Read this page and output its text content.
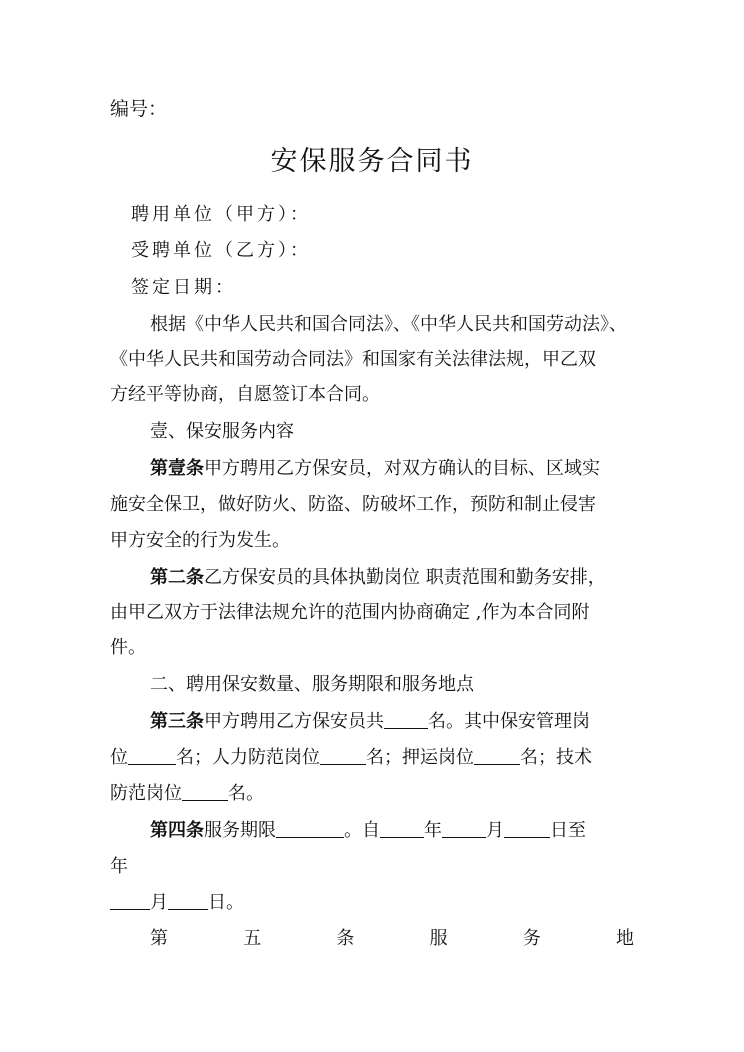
编号：
安保服务合同书
聘用单位（甲方）：
受聘单位（乙方）：
签定日期：
根据《中华人民共和国合同法》、《中华人民共和国劳动法》、
《中华人民共和国劳动合同法》和国家有关法律法规，甲乙双
方经平等协商，自愿签订本合同。
壹、保安服务内容
第壹条甲方聘用乙方保安员，对双方确认的目标、区域实
施安全保卫，做好防火、防盗、防破坏工作，预防和制止侵害
甲方安全的行为发生。
第二条乙方保安员的具体执勤岗位 职责范围和勤务安排，
由甲乙双方于法律法规允许的范围内协商确定 ,作为本合同附
件。
二、聘用保安数量、服务期限和服务地点
第三条甲方聘用乙方保安员共 名。其中保安管理岗
位	名；人力防范岗位	名；押运岗位	名；技术
防范岗位	名。
第四条服务期限	。自 年 月	日至
年
月 日。
第	五	条	服	务	地
